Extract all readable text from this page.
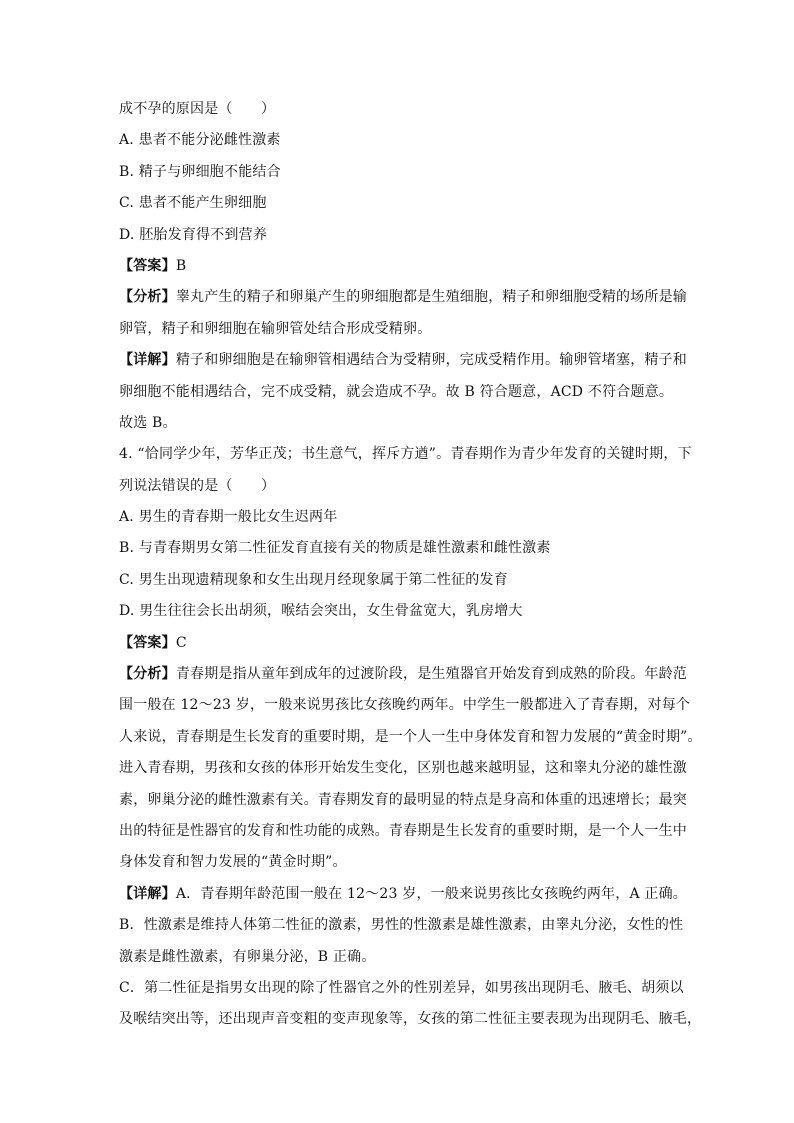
成不孕的原因是（　　）
A. 患者不能分泌雌性激素
B. 精子与卵细胞不能结合
C. 患者不能产生卵细胞
D. 胚胎发育得不到营养
【答案】B
【分析】睾丸产生的精子和卵巢产生的卵细胞都是生殖细胞，精子和卵细胞受精的场所是输
卵管，精子和卵细胞在输卵管处结合形成受精卵。
【详解】精子和卵细胞是在输卵管相遇结合为受精卵，完成受精作用。输卵管堵塞，精子和
卵细胞不能相遇结合，完不成受精，就会造成不孕。故 B 符合题意，ACD 不符合题意。
故选 B。
4. “恰同学少年，芳华正茂；书生意气，挥斥方遒”。青春期作为青少年发育的关键时期，下
列说法错误的是（　　）
A. 男生的青春期一般比女生迟两年
B. 与青春期男女第二性征发育直接有关的物质是雄性激素和雌性激素
C. 男生出现遗精现象和女生出现月经现象属于第二性征的发育
D. 男生往往会长出胡须，喉结会突出，女生骨盆宽大，乳房增大
【答案】C
【分析】青春期是指从童年到成年的过渡阶段，是生殖器官开始发育到成熟的阶段。年龄范
围一般在 12～23 岁，一般来说男孩比女孩晚约两年。中学生一般都进入了青春期，对每个
人来说，青春期是生长发育的重要时期，是一个人一生中身体发育和智力发展的“黄金时期”。
进入青春期，男孩和女孩的体形开始发生变化，区别也越来越明显，这和睾丸分泌的雄性激
素，卵巢分泌的雌性激素有关。青春期发育的最明显的特点是身高和体重的迅速增长；最突
出的特征是性器官的发育和性功能的成熟。青春期是生长发育的重要时期，是一个人一生中
身体发育和智力发展的“黄金时期”。
【详解】A．青春期年龄范围一般在 12～23 岁，一般来说男孩比女孩晚约两年，A 正确。
B．性激素是维持人体第二性征的激素，男性的性激素是雄性激素，由睾丸分泌，女性的性
激素是雌性激素，有卵巢分泌，B 正确。
C．第二性征是指男女出现的除了性器官之外的性别差异，如男孩出现阴毛、腋毛、胡须以
及喉结突出等，还出现声音变粗的变声现象等，女孩的第二性征主要表现为出现阴毛、腋毛，
